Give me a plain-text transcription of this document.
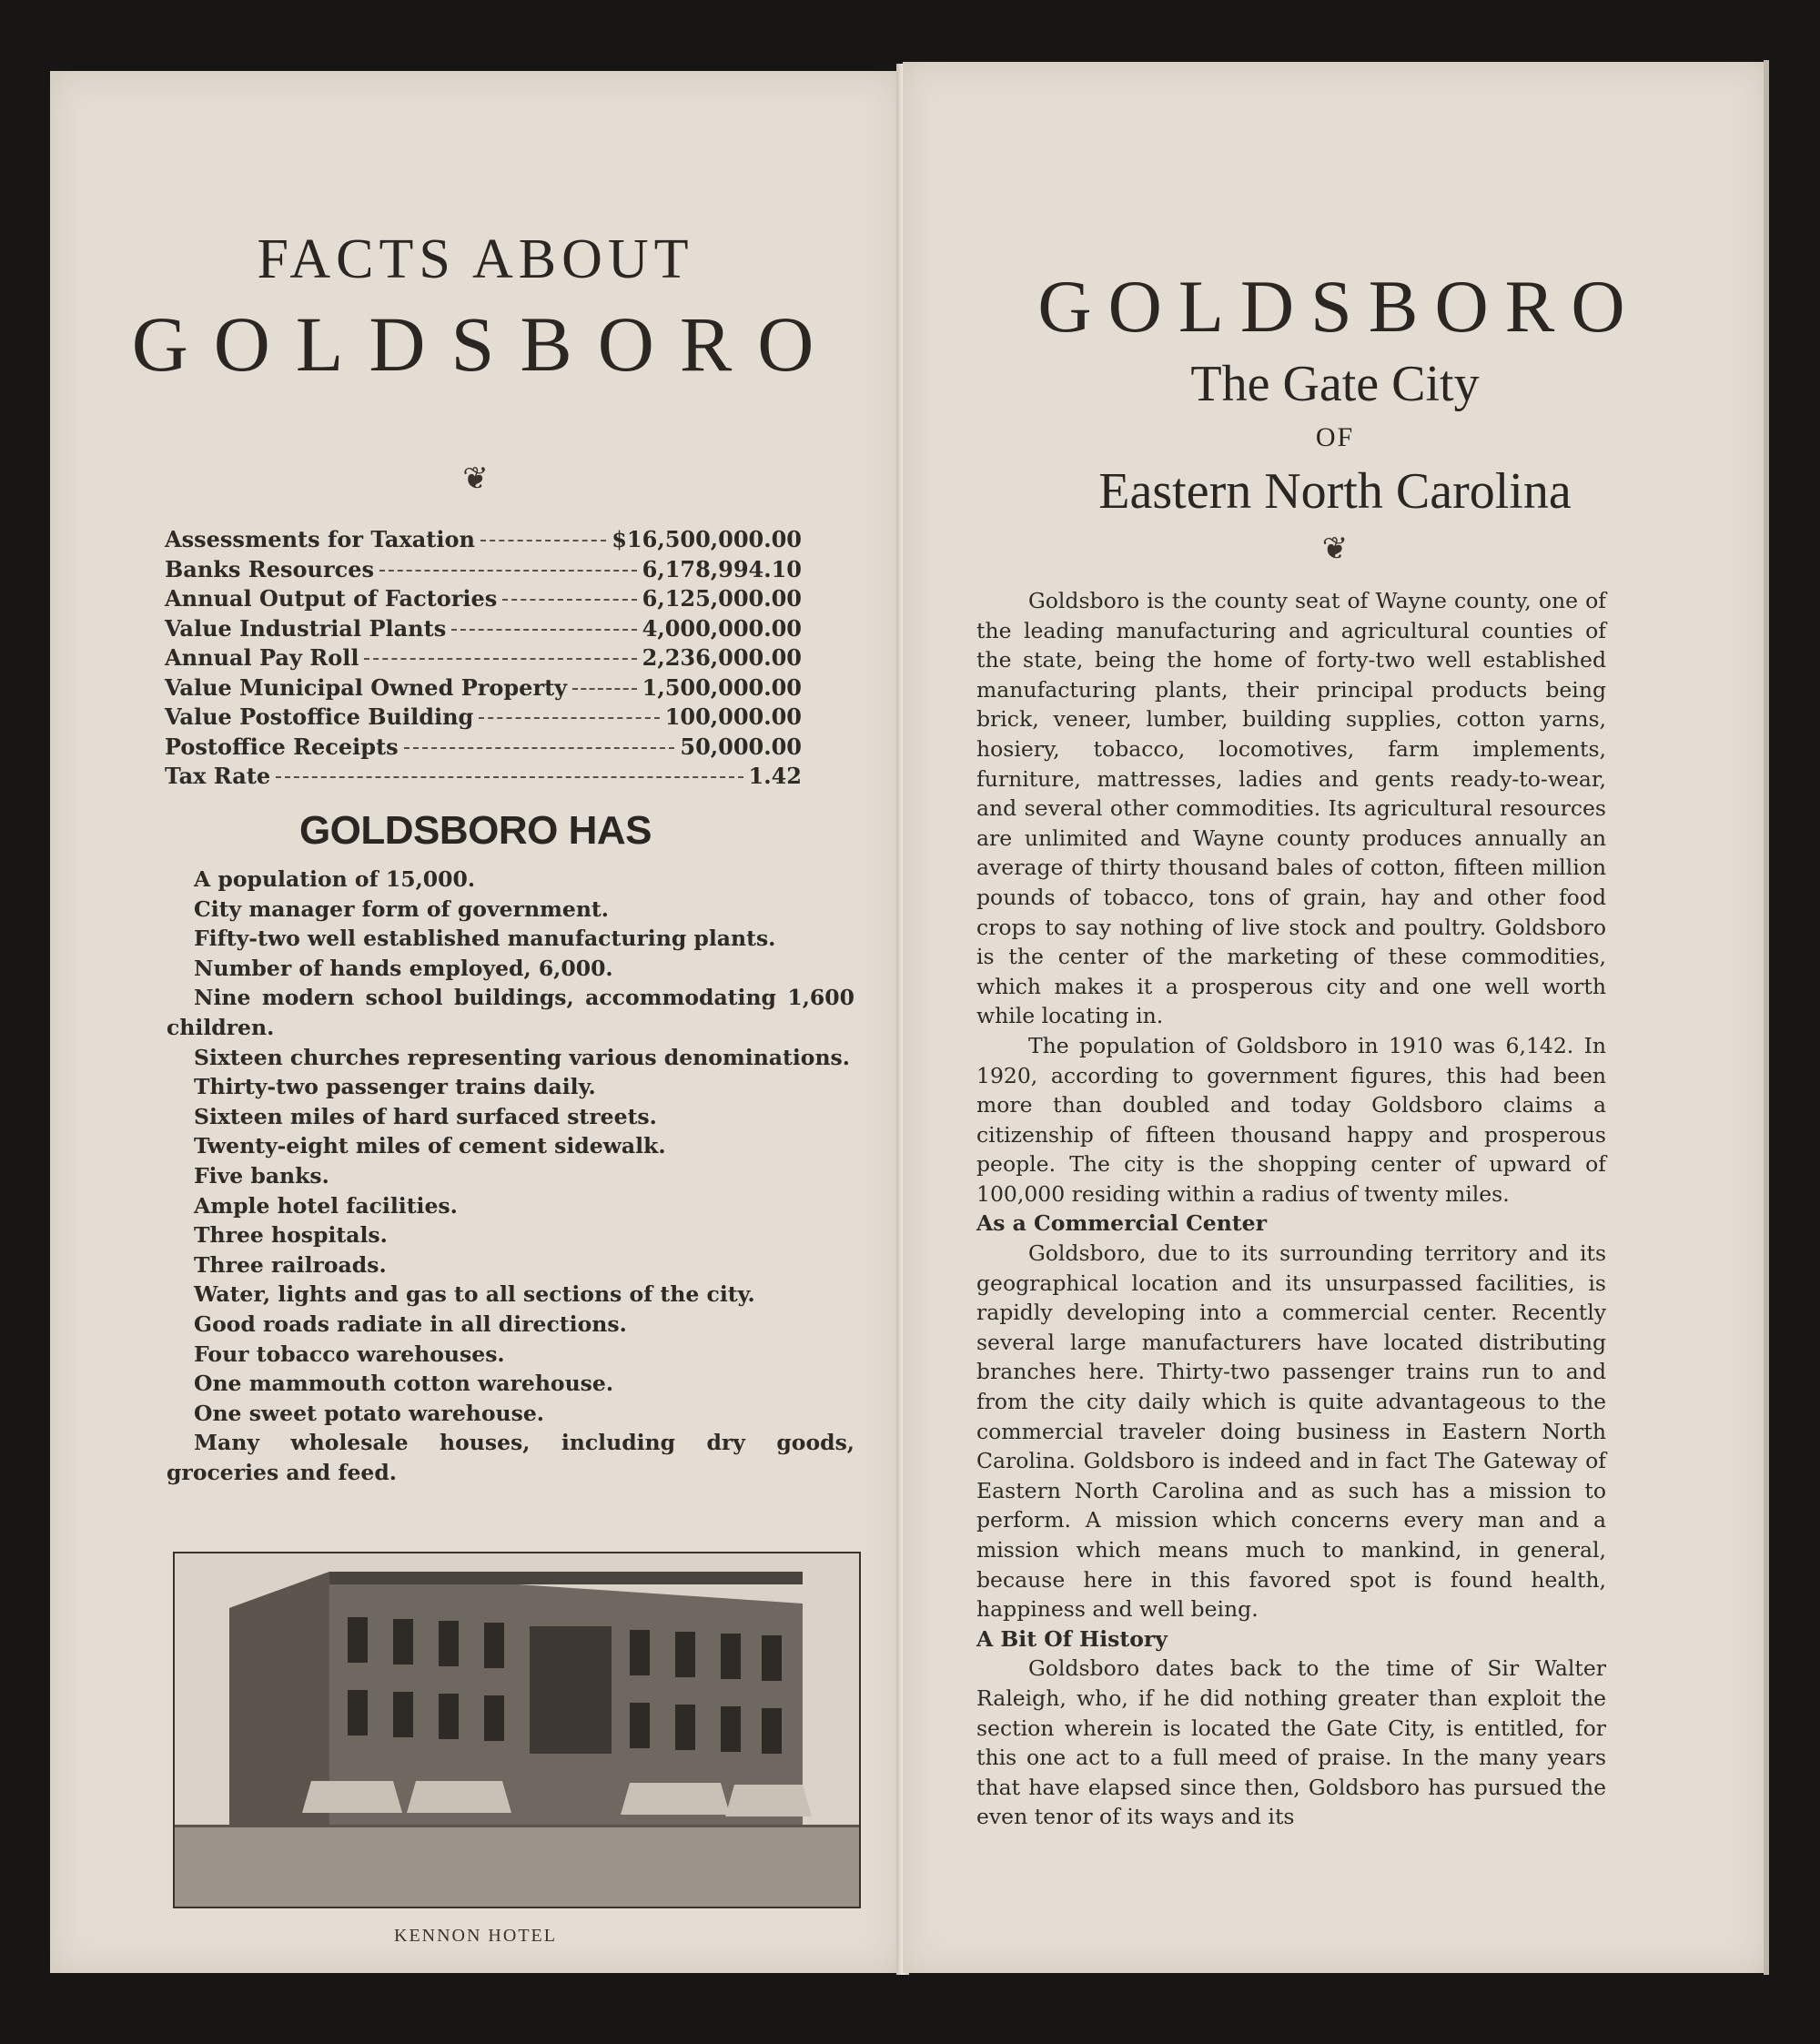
FACTS ABOUT
GOLDSBORO
❦
Assessments for Taxation	$16,500,000.00
Banks Resources	6,178,994.10
Annual Output of Factories	6,125,000.00
Value Industrial Plants	4,000,000.00
Annual Pay Roll	2,236,000.00
Value Municipal Owned Property	1,500,000.00
Value Postoffice Building	100,000.00
Postoffice Receipts	50,000.00
Tax Rate	1.42
GOLDSBORO HAS
A population of 15,000.
City manager form of government.
Fifty-two well established manufacturing plants.
Number of hands employed, 6,000.
Nine modern school buildings, accommodating 1,600 children.
Sixteen churches representing various denominations.
Thirty-two passenger trains daily.
Sixteen miles of hard surfaced streets.
Twenty-eight miles of cement sidewalk.
Five banks.
Ample hotel facilities.
Three hospitals.
Three railroads.
Water, lights and gas to all sections of the city.
Good roads radiate in all directions.
Four tobacco warehouses.
One mammouth cotton warehouse.
One sweet potato warehouse.
Many wholesale houses, including dry goods, groceries and feed.
KENNON HOTEL
GOLDSBORO
The Gate City
OF
Eastern North Carolina
❦

Goldsboro is the county seat of Wayne county, one of the leading manufacturing and agricultural counties of the state, being the home of forty-two well established manufacturing plants, their principal products being brick, veneer, lumber, building supplies, cotton yarns, hosiery, tobacco, locomotives, farm implements, furniture, mattresses, ladies and gents ready-to-wear, and several other commodities. Its agricultural resources are unlimited and Wayne county produces annually an average of thirty thousand bales of cotton, fifteen million pounds of tobacco, tons of grain, hay and other food crops to say nothing of live stock and poultry. Goldsboro is the center of the marketing of these commodities, which makes it a prosperous city and one well worth while locating in.

The population of Goldsboro in 1910 was 6,142. In 1920, according to government figures, this had been more than doubled and today Goldsboro claims a citizenship of fifteen thousand happy and prosperous people. The city is the shopping center of upward of 100,000 residing within a radius of twenty miles.

As a Commercial Center

Goldsboro, due to its surrounding territory and its geographical location and its unsurpassed facilities, is rapidly developing into a commercial center. Recently several large manufacturers have located distributing branches here. Thirty-two passenger trains run to and from the city daily which is quite advantageous to the commercial traveler doing business in Eastern North Carolina. Goldsboro is indeed and in fact The Gateway of Eastern North Carolina and as such has a mission to perform. A mission which concerns every man and a mission which means much to mankind, in general, because here in this favored spot is found health, happiness and well being.

A Bit Of History

Goldsboro dates back to the time of Sir Walter Raleigh, who, if he did nothing greater than exploit the section wherein is located the Gate City, is entitled, for this one act to a full meed of praise. In the many years that have elapsed since then, Goldsboro has pursued the even tenor of its ways and its
